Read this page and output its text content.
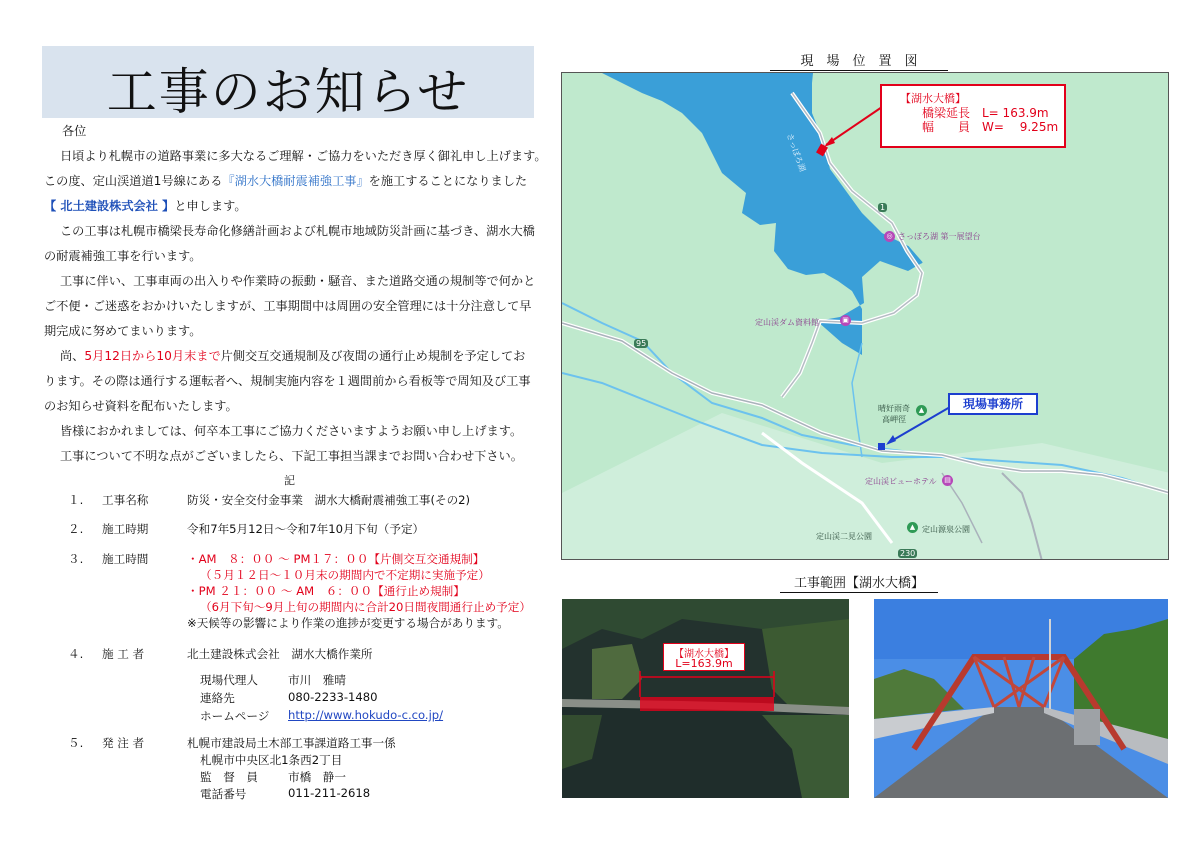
工事のお知らせ
各位
日頃より札幌市の道路事業に多大なるご理解・ご協力をいただき厚く御礼申し上げます。
この度、定山渓道道1号線にある『湖水大橋耐震補強工事』を施工することになりました
【 北土建設株式会社 】と申します。
この工事は札幌市橋梁長寿命化修繕計画および札幌市地域防災計画に基づき、湖水大橋
の耐震補強工事を行います。
工事に伴い、工事車両の出入りや作業時の振動・騒音、また道路交通の規制等で何かと
ご不便・ご迷惑をおかけいたしますが、工事期間中は周囲の安全管理には十分注意して早
期完成に努めてまいります。
尚、5月12日から10月末まで片側交互交通規制及び夜間の通行止め規制を予定してお
ります。その際は通行する運転者へ、規制実施内容を１週間前から看板等で周知及び工事
のお知らせ資料を配布いたします。
皆様におかれましては、何卒本工事にご協力くださいますようお願い申し上げます。
工事について不明な点がございましたら、下記工事担当課までお問い合わせ下さい。
記
１. 工事名称	防災・安全交付金事業　湖水大橋耐震補強工事(その2)
２. 施工時期	令和7年5月12日～令和7年10月下旬（予定）
３. 施工時間	・AM　８：００ ～ PM１７：００【片側交互交通規制】
（５月１２日～１０月末の期間内で不定期に実施予定）
・PM ２１：００ ～ AM　６：００【通行止め規制】
（6月下旬～9月上旬の期間内に合計20日間夜間通行止め予定）
※天候等の影響により作業の進捗が変更する場合があります。
４. 施 工 者	北土建設株式会社　湖水大橋作業所
現場代理人	市川　雅晴
連絡先	080-2233-1480
ホームページ http://www.hokudo-c.co.jp/
５. 発 注 者	札幌市建設局土木部工事課道路工事一係
札幌市中央区北1条西2丁目
監　督　員	市橋　静一
電話番号	011-211-2618
現　場　位　置　図
さっぽろ湖
◎ さっぽろ湖 第一展望台
▣
定山渓ダム資料館
晴好雨奇
高岬徑
▲
定山渓ビューホテル	▤
定山渓二見公園
▲ 定山源泉公園
1
95
230
【湖水大橋】
橋梁延長　L= 163.9m
幅　　員　W=　 9.25m
現場事務所
工事範囲【湖水大橋】
【湖水大橋】
L=163.9m
